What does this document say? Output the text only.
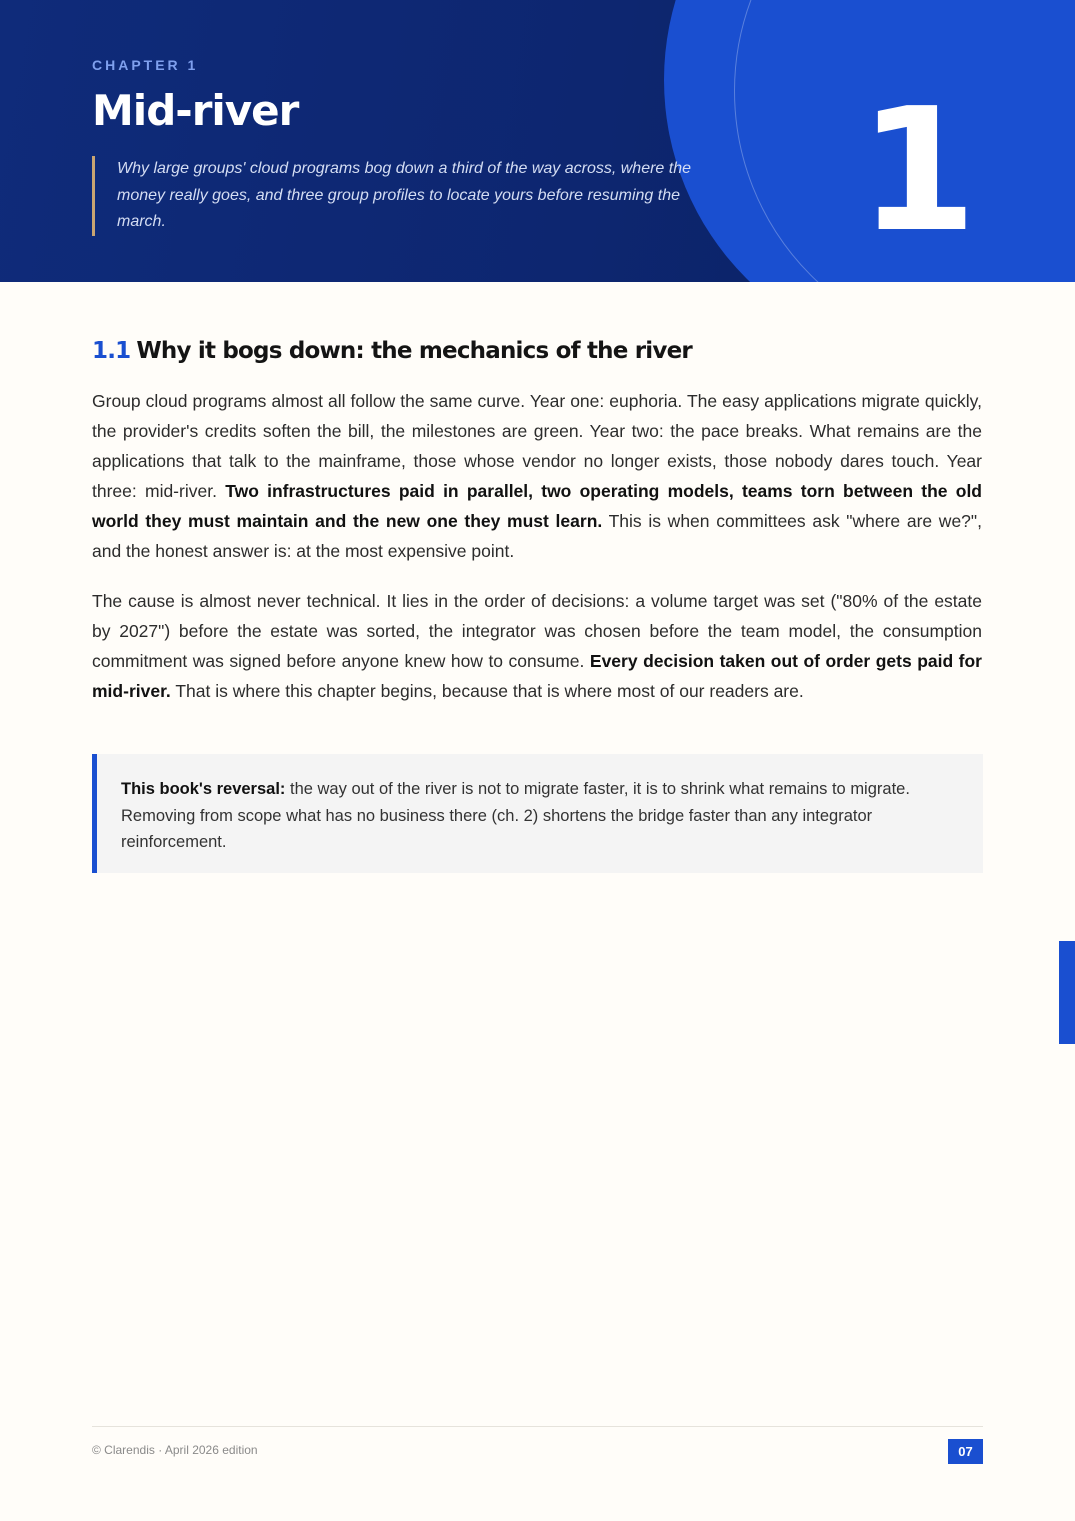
1
CHAPTER 1
Mid-river
Why large groups' cloud programs bog down a third of the way across, where the money really goes, and three group profiles to locate yours before resuming the march.
1.1 Why it bogs down: the mechanics of the river

Group cloud programs almost all follow the same curve. Year one: euphoria. The easy applications migrate quickly, the provider's credits soften the bill, the milestones are green. Year two: the pace breaks. What remains are the applications that talk to the mainframe, those whose vendor no longer exists, those nobody dares touch. Year three: mid-river. Two infrastructures paid in parallel, two operating models, teams torn between the old world they must maintain and the new one they must learn. This is when committees ask "where are we?", and the honest answer is: at the most expensive point.

The cause is almost never technical. It lies in the order of decisions: a volume target was set ("80% of the estate by 2027") before the estate was sorted, the integrator was chosen before the team model, the consumption commitment was signed before anyone knew how to consume. Every decision taken out of order gets paid for mid-river. That is where this chapter begins, because that is where most of our readers are.

This book's reversal: the way out of the river is not to migrate faster, it is to shrink what remains to migrate. Removing from scope what has no business there (ch. 2) shortens the bridge faster than any integrator reinforcement.
© Clarendis · April 2026 edition	07
